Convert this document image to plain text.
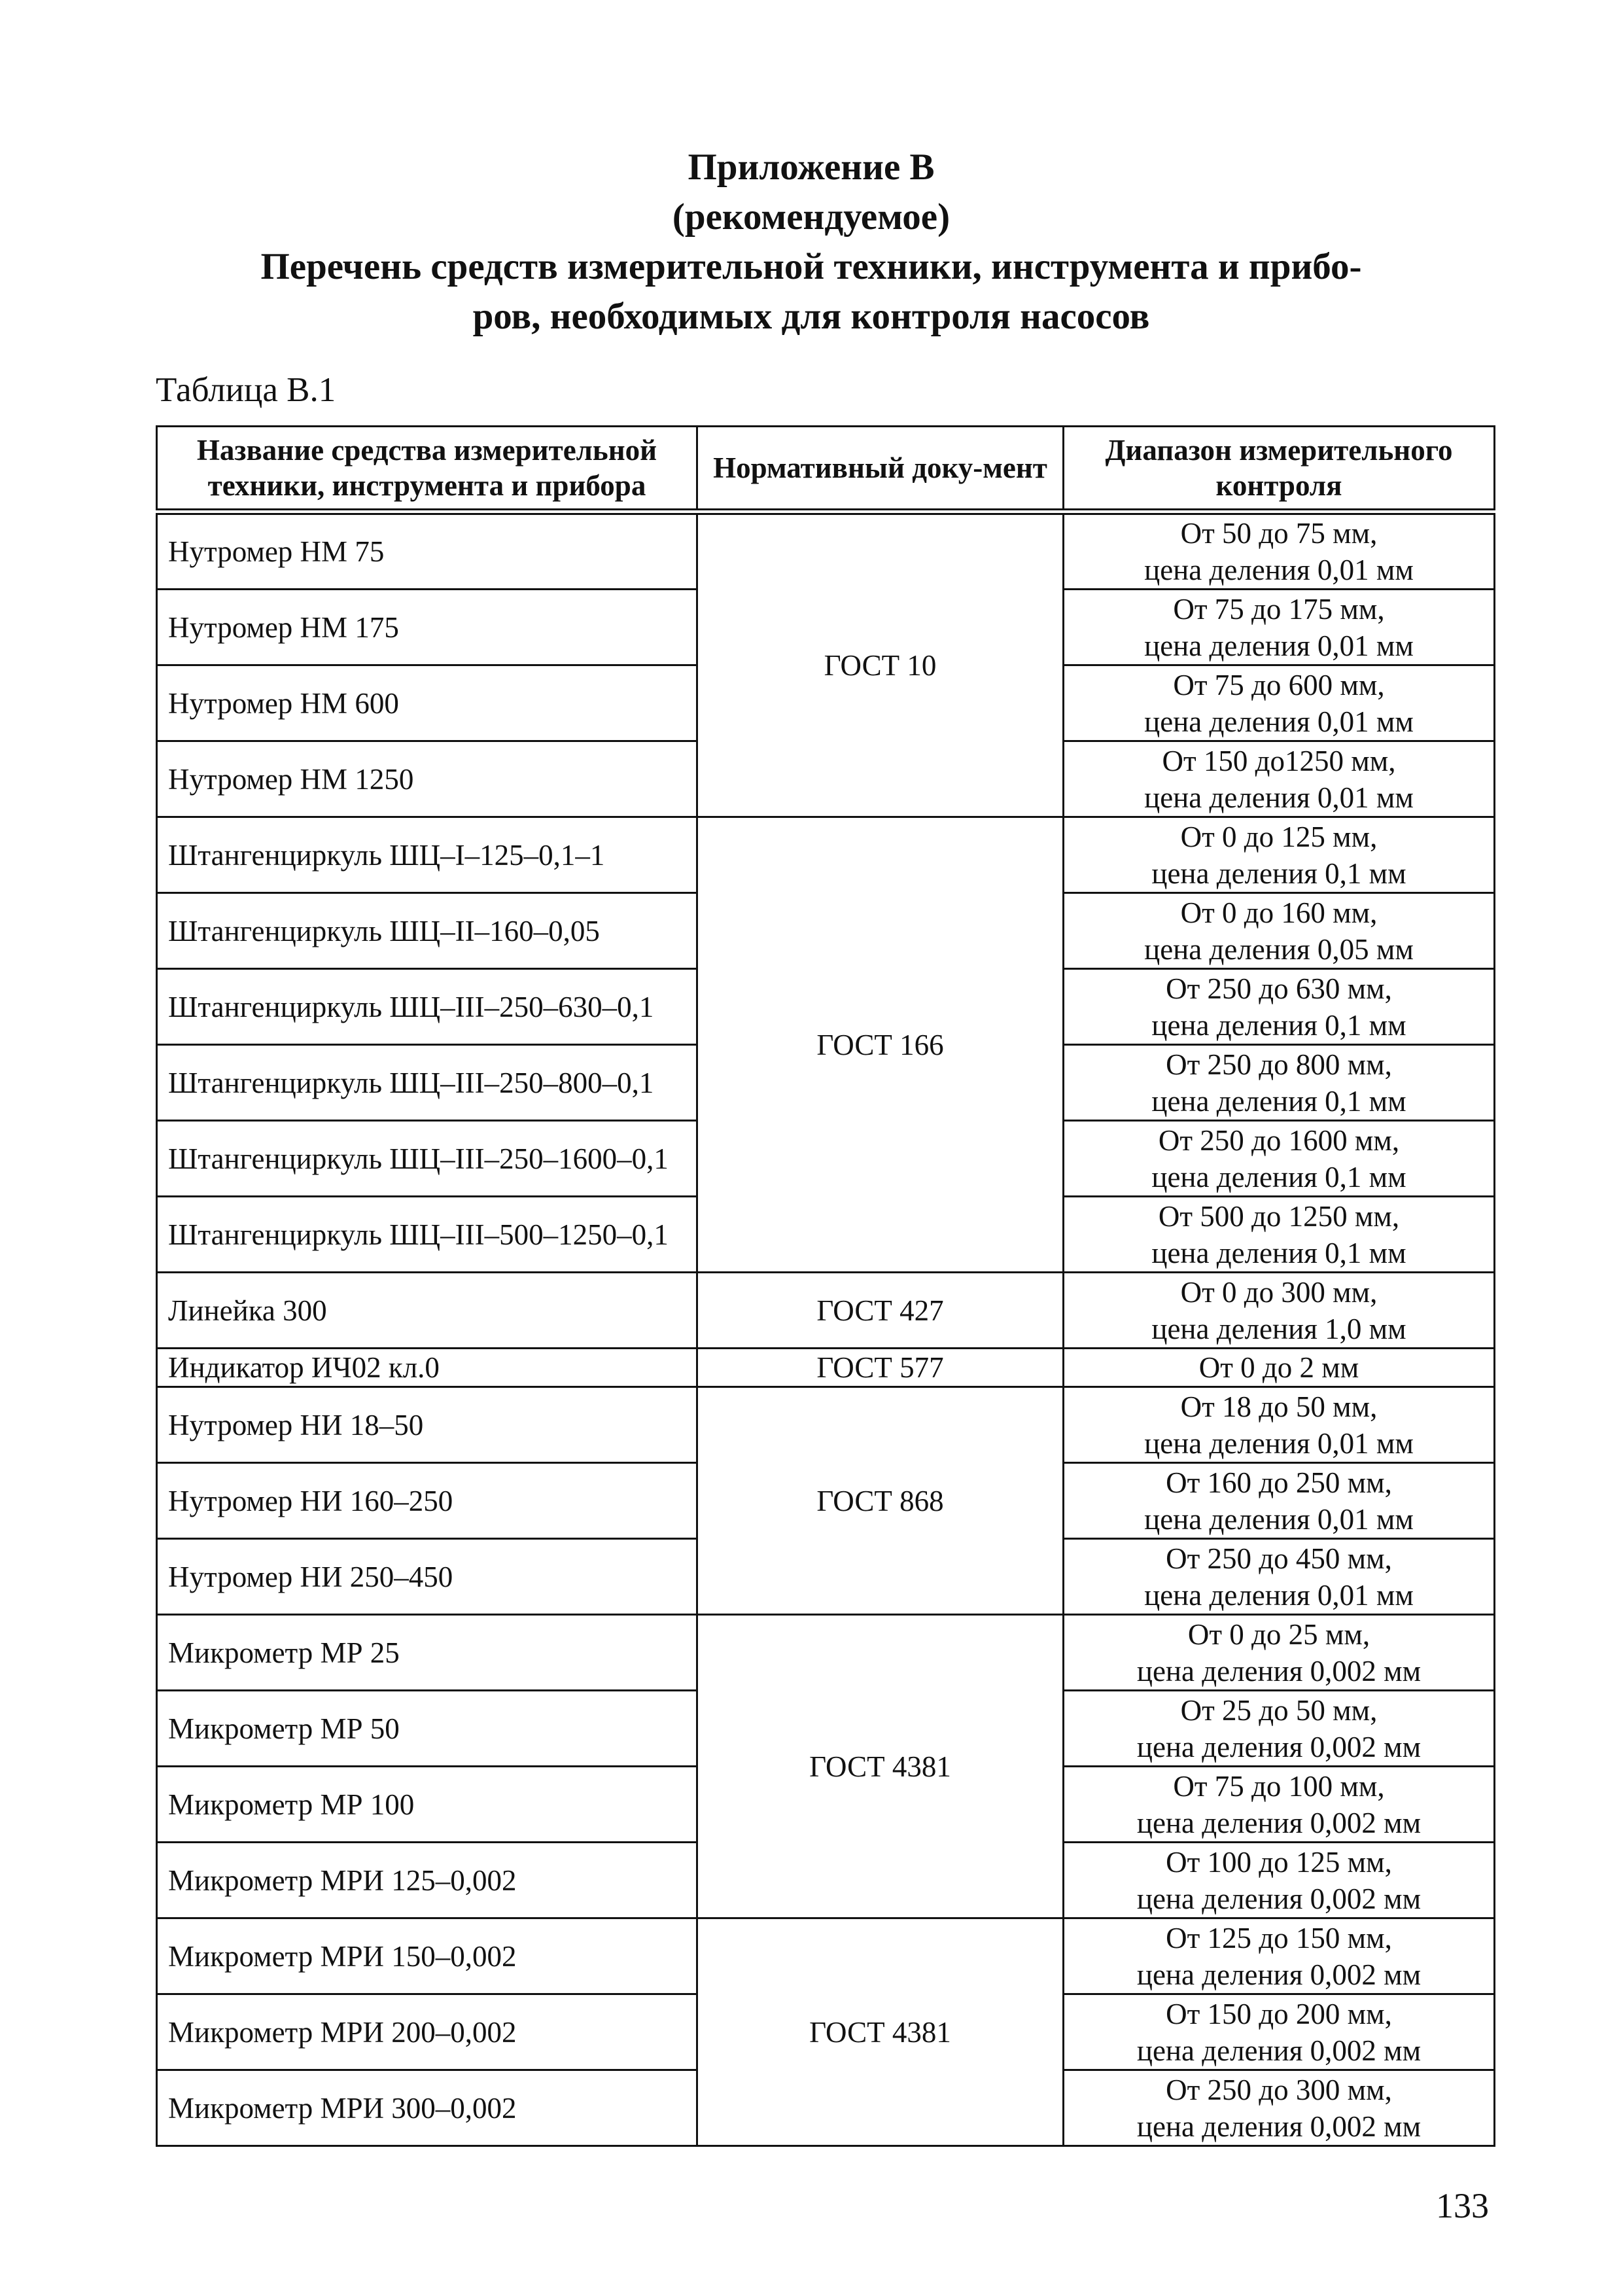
Приложение В
(рекомендуемое)
Перечень средств измерительной техники, инструмента и прибо-
ров, необходимых для контроля насосов
Таблица В.1
Название средства измерительной техники, инструмента и прибора	Нормативный доку-мент	Диапазон измерительного контроля
Нутромер НМ 75	ГОСТ 10	От 50 до 75 мм,
цена деления 0,01 мм

Нутромер НМ 175		От 75 до 175 мм,
цена деления 0,01 мм

Нутромер НМ 600		От 75 до 600 мм,
цена деления 0,01 мм

Нутромер НМ 1250		От 150 до1250 мм,
цена деления 0,01 мм

Штангенциркуль ШЦ–I–125–0,1–1	ГОСТ 166	От 0 до 125 мм,
цена деления 0,1 мм

Штангенциркуль ШЦ–II–160–0,05		От 0 до 160 мм,
цена деления 0,05 мм

Штангенциркуль ШЦ–III–250–630–0,1		От 250 до 630 мм,
цена деления 0,1 мм

Штангенциркуль ШЦ–III–250–800–0,1		От 250 до 800 мм,
цена деления 0,1 мм

Штангенциркуль ШЦ–III–250–1600–0,1		От 250 до 1600 мм,
цена деления 0,1 мм

Штангенциркуль ШЦ–III–500–1250–0,1		От 500 до 1250 мм,
цена деления 0,1 мм

Линейка 300	ГОСТ 427	От 0 до 300 мм,
цена деления 1,0 мм

Индикатор ИЧ02 кл.0	ГОСТ 577	От 0 до 2 мм

Нутромер НИ 18–50	ГОСТ 868	От 18 до 50 мм,
цена деления 0,01 мм

Нутромер НИ 160–250		От 160 до 250 мм,
цена деления 0,01 мм

Нутромер НИ 250–450		От 250 до 450 мм,
цена деления 0,01 мм

Микрометр МР 25	ГОСТ 4381	От 0 до 25 мм,
цена деления 0,002 мм

Микрометр МР 50		От 25 до 50 мм,
цена деления 0,002 мм

Микрометр МР 100		От 75 до 100 мм,
цена деления 0,002 мм

Микрометр МРИ 125–0,002		От 100 до 125 мм,
цена деления 0,002 мм

Микрометр МРИ 150–0,002	ГОСТ 4381	От 125 до 150 мм,
цена деления 0,002 мм

Микрометр МРИ 200–0,002		От 150 до 200 мм,
цена деления 0,002 мм

Микрометр МРИ 300–0,002		От 250 до 300 мм,
цена деления 0,002 мм
133
